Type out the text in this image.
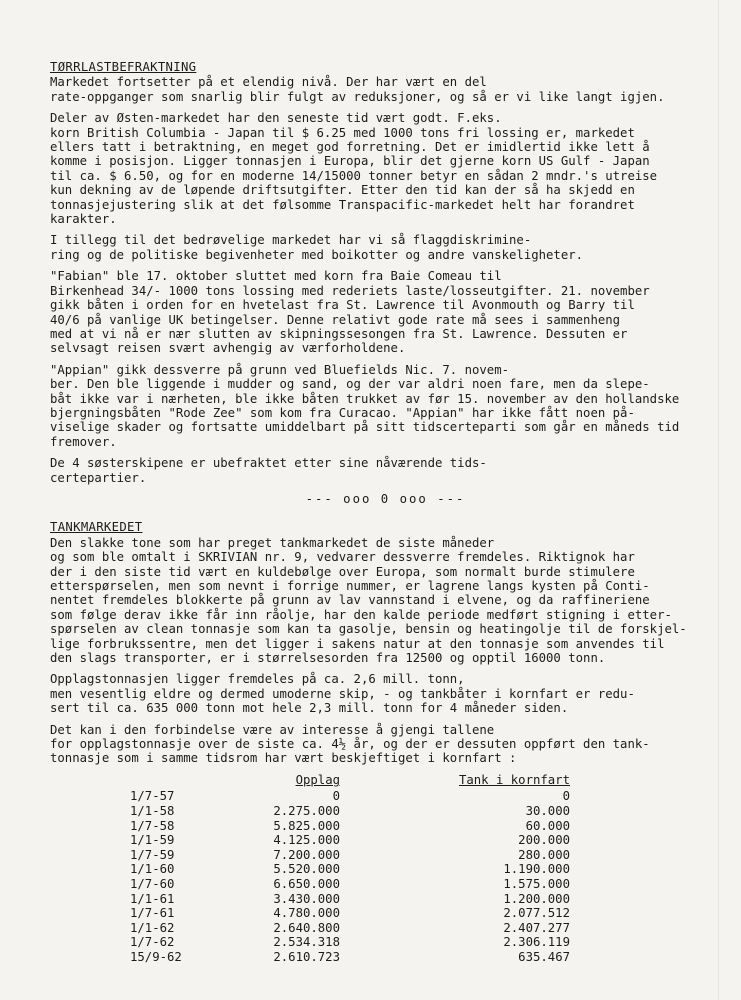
TØRRLASTBEFRAKTNING
Markedet fortsetter på et elendig nivå. Der har vært en del
rate-oppganger som snarlig blir fulgt av reduksjoner, og så er vi like langt igjen.
Deler av Østen-markedet har den seneste tid vært godt. F.eks.
korn British Columbia - Japan til $ 6.25 med 1000 tons fri lossing er, markedet
ellers tatt i betraktning, en meget god forretning. Det er imidlertid ikke lett å
komme i posisjon. Ligger tonnasjen i Europa, blir det gjerne korn US Gulf - Japan
til ca. $ 6.50, og for en moderne 14/15000 tonner betyr en sådan 2 mndr.'s utreise
kun dekning av de løpende driftsutgifter. Etter den tid kan der så ha skjedd en
tonnasjejustering slik at det følsomme Transpacific-markedet helt har forandret
karakter.
I tillegg til det bedrøvelige markedet har vi så flaggdiskrimine-
ring og de politiske begivenheter med boikotter og andre vanskeligheter.
"Fabian" ble 17. oktober sluttet med korn fra Baie Comeau til
Birkenhead 34/- 1000 tons lossing med rederiets laste/losseutgifter. 21. november
gikk båten i orden for en hvetelast fra St. Lawrence til Avonmouth og Barry til
40/6 på vanlige UK betingelser. Denne relativt gode rate må sees i sammenheng
med at vi nå er nær slutten av skipningssesongen fra St. Lawrence. Dessuten er
selvsagt reisen svært avhengig av værforholdene.
"Appian" gikk dessverre på grunn ved Bluefields Nic. 7. novem-
ber. Den ble liggende i mudder og sand, og der var aldri noen fare, men da slepe-
båt ikke var i nærheten, ble ikke båten trukket av før 15. november av den hollandske
bjergningsbåten "Rode Zee" som kom fra Curacao. "Appian" har ikke fått noen på-
viselige skader og fortsatte umiddelbart på sitt tidscerteparti som går en måneds tid
fremover.
De 4 søsterskipene er ubefraktet etter sine nåværende tids-
certepartier.
--- ooo 0 ooo ---
TANKMARKEDET
Den slakke tone som har preget tankmarkedet de siste måneder
og som ble omtalt i SKRIVIAN nr. 9, vedvarer dessverre fremdeles. Riktignok har
der i den siste tid vært en kuldebølge over Europa, som normalt burde stimulere
etterspørselen, men som nevnt i forrige nummer, er lagrene langs kysten på Conti-
nentet fremdeles blokkerte på grunn av lav vannstand i elvene, og da raffineriene
som følge derav ikke får inn råolje, har den kalde periode medført stigning i etter-
spørselen av clean tonnasje som kan ta gasolje, bensin og heatingolje til de forskjel-
lige forbrukssentre, men det ligger i sakens natur at den tonnasje som anvendes til
den slags transporter, er i størrelsesorden fra 12500 og opptil 16000 tonn.
Opplagstonnasjen ligger fremdeles på ca. 2,6 mill. tonn,
men vesentlig eldre og dermed umoderne skip, - og tankbåter i kornfart er redu-
sert til ca. 635 000 tonn mot hele 2,3 mill. tonn for 4 måneder siden.
Det kan i den forbindelse være av interesse å gjengi tallene
for opplagstonnasje over de siste ca. 4½ år, og der er dessuten oppført den tank-
tonnasje som i samme tidsrom har vært beskjeftiget i kornfart :
Opplag	Tank i kornfart
1/7-57	0	0
1/1-58	2.275.000	30.000
1/7-58	5.825.000	60.000
1/1-59	4.125.000	200.000
1/7-59	7.200.000	280.000
1/1-60	5.520.000	1.190.000
1/7-60	6.650.000	1.575.000
1/1-61	3.430.000	1.200.000
1/7-61	4.780.000	2.077.512
1/1-62	2.640.800	2.407.277
1/7-62	2.534.318	2.306.119
15/9-62	2.610.723	635.467
